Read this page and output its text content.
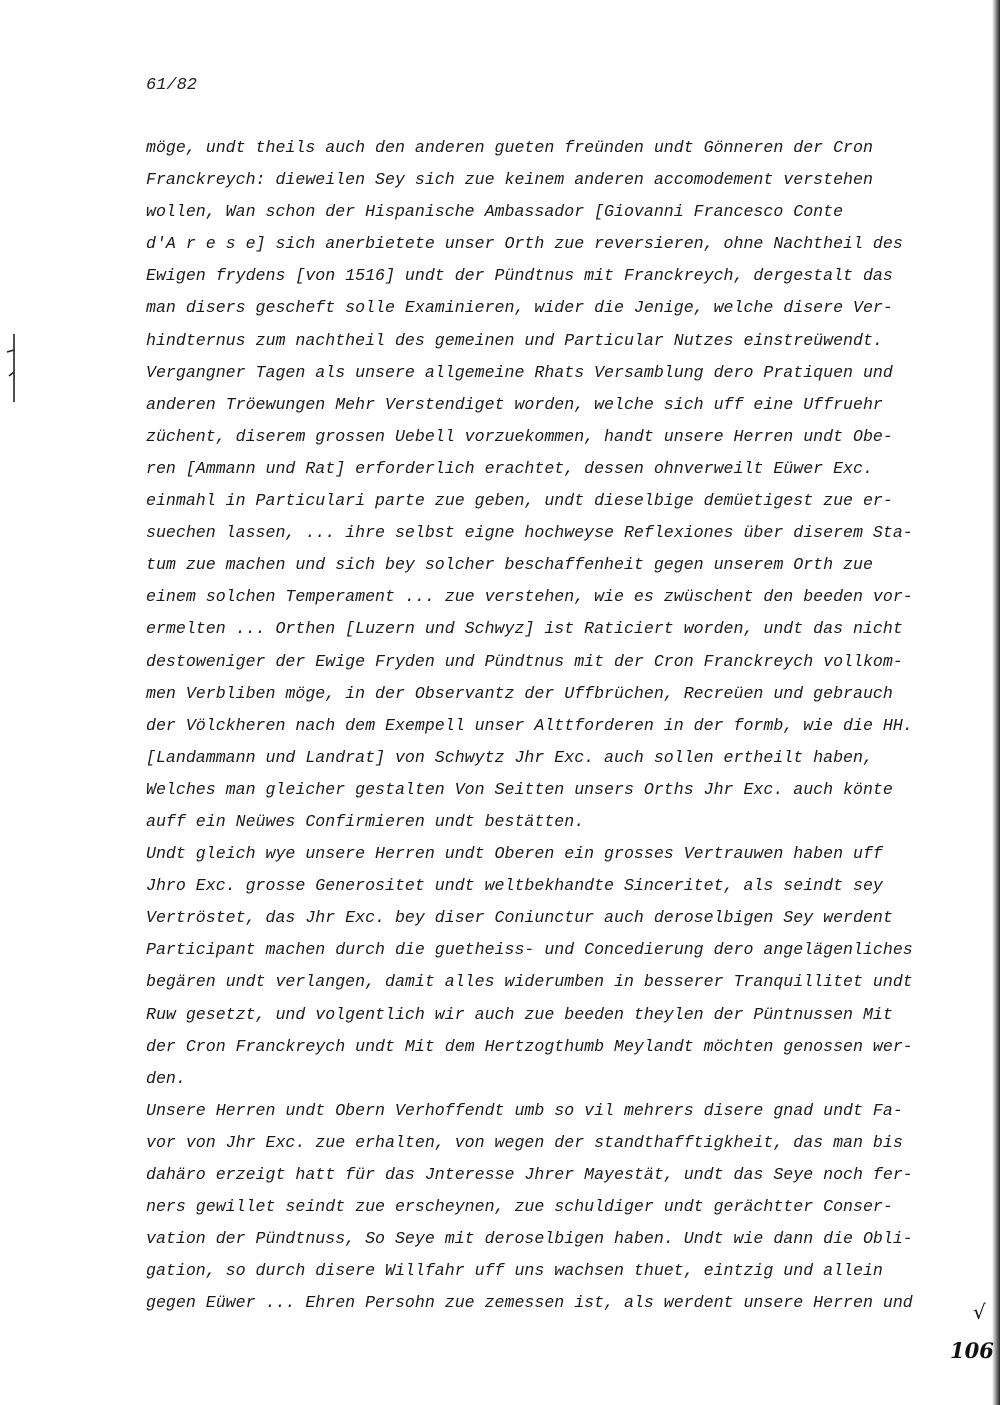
61/82
möge, undt theils auch den anderen gueten freünden undt Gönneren der Cron
Franckreych: dieweilen Sey sich zue keinem anderen accomodement verstehen
wollen, Wan schon der Hispanische Ambassador [Giovanni Francesco Conte
d'A r e s e] sich anerbietete unser Orth zue reversieren, ohne Nachtheil des
Ewigen frydens [von 1516] undt der Pündtnus mit Franckreych, dergestalt das
man disers gescheft solle Examinieren, wider die Jenige, welche disere Ver-
hindternus zum nachtheil des gemeinen und Particular Nutzes einstreüwendt.
Vergangner Tagen als unsere allgemeine Rhats Versamblung dero Pratiquen und
anderen Tröewungen Mehr Verstendiget worden, welche sich uff eine Uffruehr
züchent, diserem grossen Uebell vorzuekommen, handt unsere Herren undt Obe-
ren [Ammann und Rat] erforderlich erachtet, dessen ohnverweilt Eüwer Exc.
einmahl in Particulari parte zue geben, undt dieselbige demüetigest zue er-
suechen lassen, ... ihre selbst eigne hochweyse Reflexiones über diserem Sta-
tum zue machen und sich bey solcher beschaffenheit gegen unserem Orth zue
einem solchen Temperament ... zue verstehen, wie es zwüschent den beeden vor-
ermelten ... Orthen [Luzern und Schwyz] ist Raticiert worden, undt das nicht
destoweniger der Ewige Fryden und Pündtnus mit der Cron Franckreych vollkom-
men Verbliben möge, in der Observantz der Uffbrüchen, Recreüen und gebrauch
der Völckheren nach dem Exempell unser Alttforderen in der formb, wie die HH.
[Landammann und Landrat] von Schwytz Jhr Exc. auch sollen ertheilt haben,
Welches man gleicher gestalten Von Seitten unsers Orths Jhr Exc. auch könte
auff ein Neüwes Confirmieren undt bestätten.
Undt gleich wye unsere Herren undt Oberen ein grosses Vertrauwen haben uff
Jhro Exc. grosse Generositet undt weltbekhandte Sinceritet, als seindt sey
Vertröstet, das Jhr Exc. bey diser Coniunctur auch deroselbigen Sey werdent
Participant machen durch die guetheiss- und Concedierung dero angelägenliches
begären undt verlangen, damit alles widerumben in besserer Tranquillitet undt
Ruw gesetzt, und volgentlich wir auch zue beeden theylen der Püntnussen Mit
der Cron Franckreych undt Mit dem Hertzogthumb Meylandt möchten genossen wer-
den.
Unsere Herren undt Obern Verhoffendt umb so vil mehrers disere gnad undt Fa-
vor von Jhr Exc. zue erhalten, von wegen der standthafftigkheit, das man bis
dahäro erzeigt hatt für das Jnteresse Jhrer Mayestät, undt das Seye noch fer-
ners gewillet seindt zue erscheynen, zue schuldiger undt gerächtter Conser-
vation der Pündtnuss, So Seye mit deroselbigen haben. Undt wie dann die Obli-
gation, so durch disere Willfahr uff uns wachsen thuet, eintzig und allein
gegen Eüwer ... Ehren Persohn zue zemessen ist, als werdent unsere Herren und	√
106
